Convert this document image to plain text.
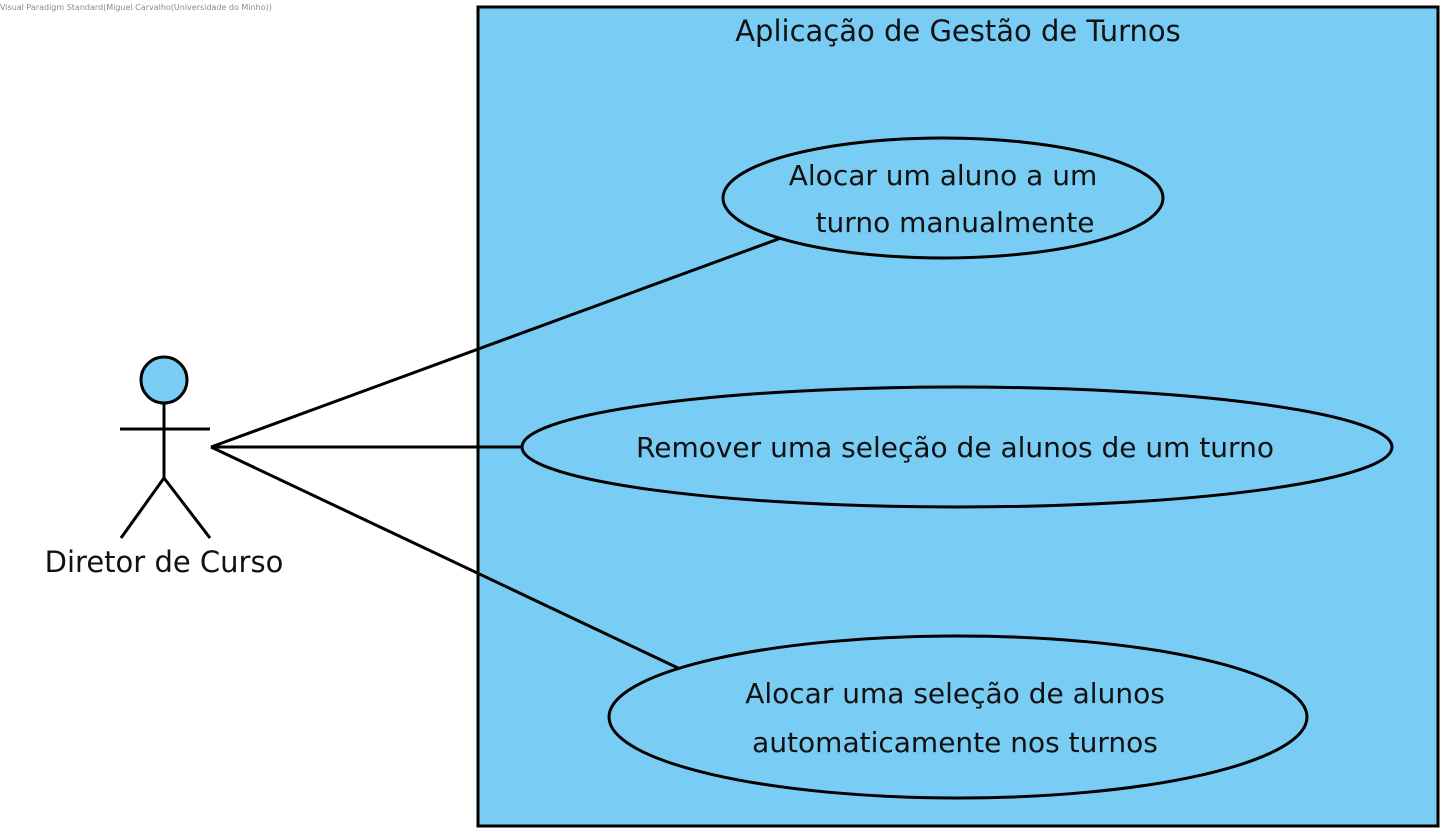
Visual Paradigm Standard(Miguel Carvalho(Universidade do Minho))
Aplicação de Gestão de Turnos
Alocar um aluno a um
turno manualmente
Remover uma seleção de alunos de um turno
Alocar uma seleção de alunos
automaticamente nos turnos
Diretor de Curso
